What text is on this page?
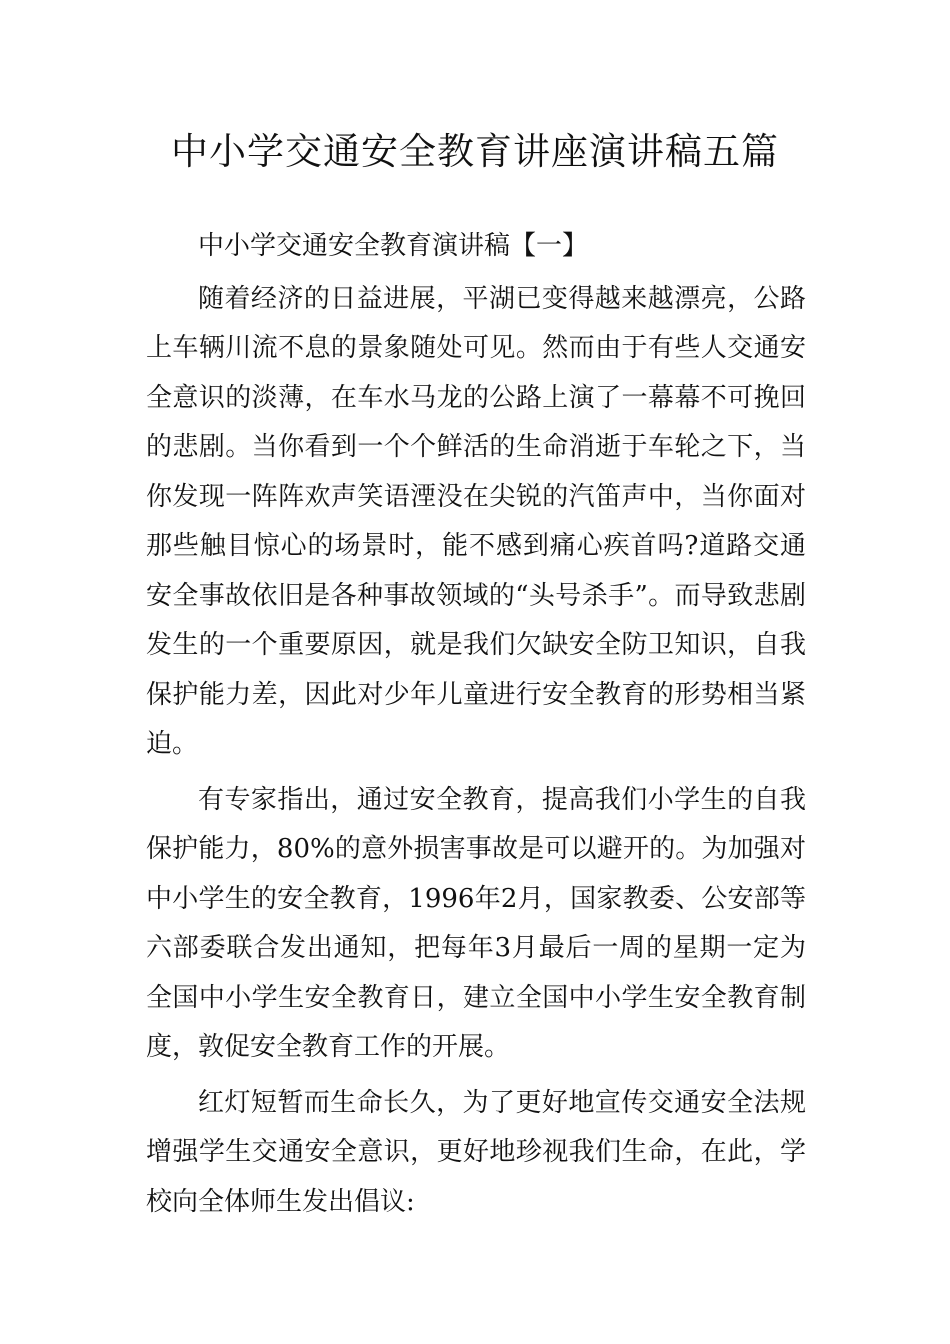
中小学交通安全教育讲座演讲稿五篇

中小学交通安全教育演讲稿【一】

随着经济的日益进展，平湖已变得越来越漂亮，公路上车辆川流不息的景象随处可见。然而由于有些人交通安全意识的淡薄，在车水马龙的公路上演了一幕幕不可挽回的悲剧。当你看到一个个鲜活的生命消逝于车轮之下，当你发现一阵阵欢声笑语湮没在尖锐的汽笛声中，当你面对那些触目惊心的场景时，能不感到痛心疾首吗?道路交通安全事故依旧是各种事故领域的“头号杀手”。而导致悲剧发生的一个重要原因，就是我们欠缺安全防卫知识，自我保护能力差，因此对少年儿童进行安全教育的形势相当紧迫。

有专家指出，通过安全教育，提高我们小学生的自我保护能力，80%的意外损害事故是可以避开的。为加强对中小学生的安全教育，1996年2月，国家教委、公安部等六部委联合发出通知，把每年3月最后一周的星期一定为全国中小学生安全教育日，建立全国中小学生安全教育制度，敦促安全教育工作的开展。

红灯短暂而生命长久，为了更好地宣传交通安全法规增强学生交通安全意识，更好地珍视我们生命，在此，学校向全体师生发出倡议:
